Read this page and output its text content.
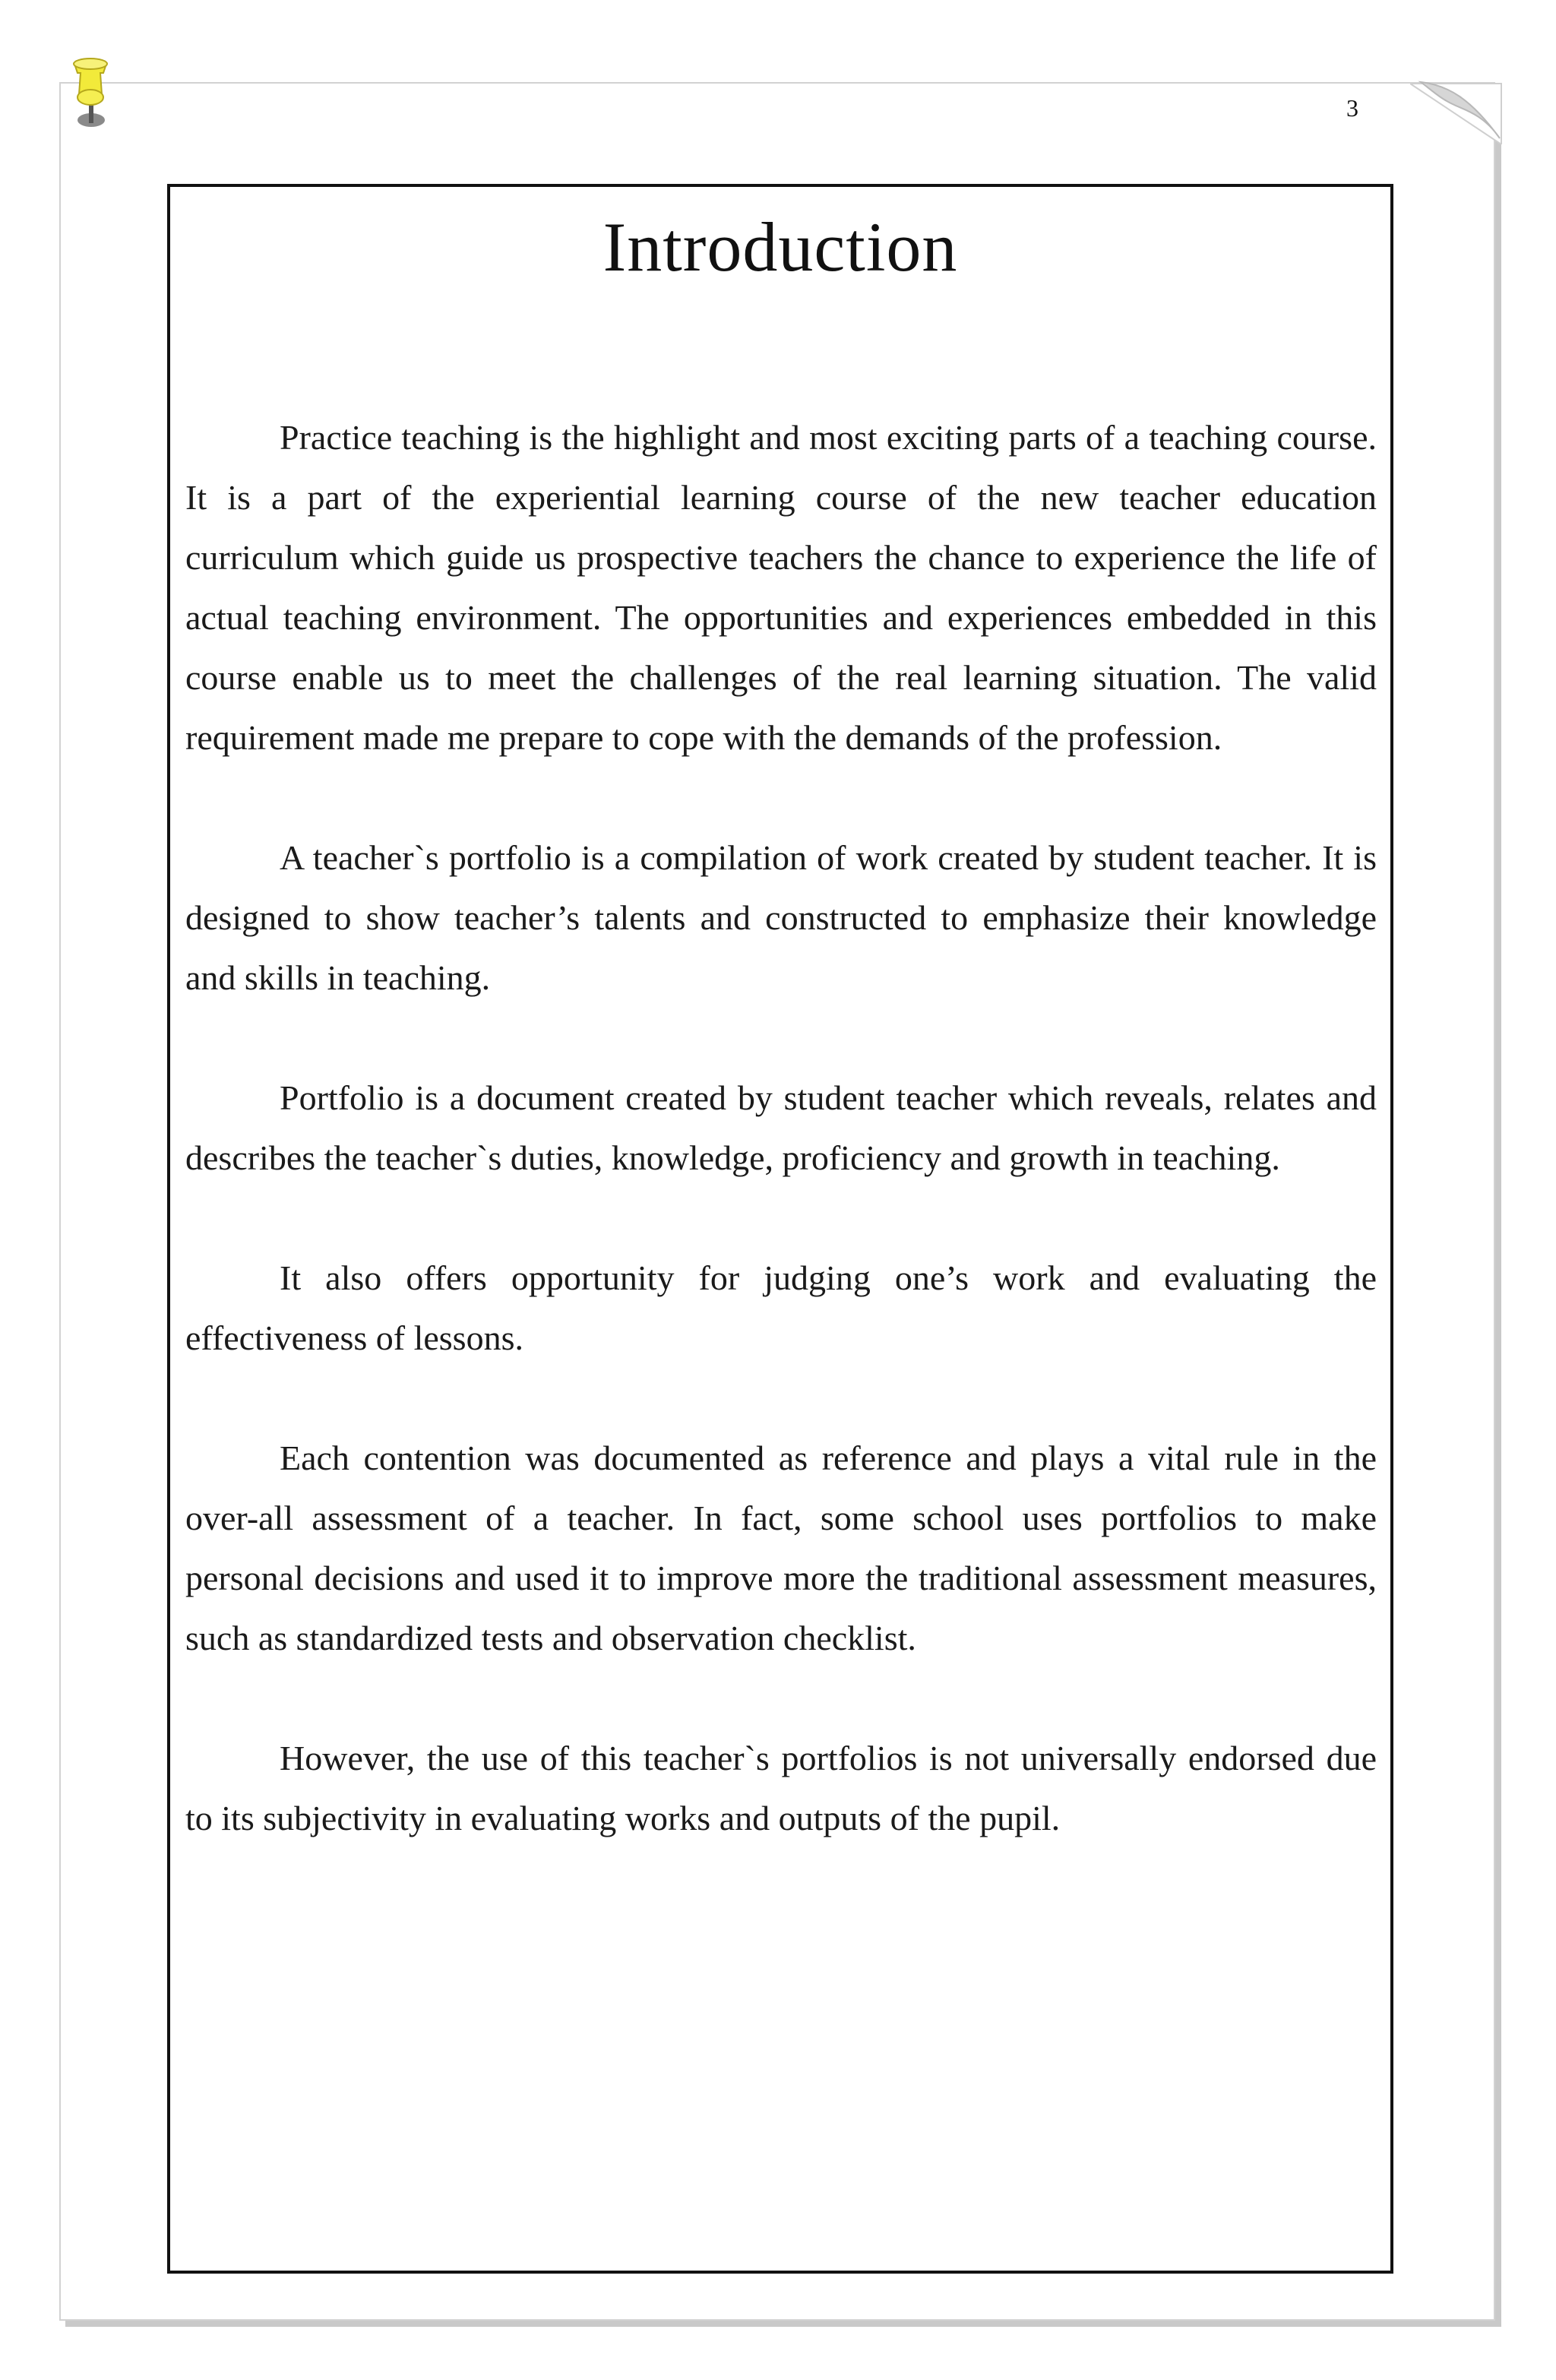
3
Introduction

Practice teaching is the highlight and most exciting parts of a teaching course. It is a part of the experiential learning course of the new teacher education curriculum which guide us prospective teachers the chance to experience the life of actual teaching environment. The opportunities and experiences embedded in this course enable us to meet the challenges of the real learning situation. The valid requirement made me prepare to cope with the demands of the profession.

A teacher`s portfolio is a compilation of work created by student teacher. It is designed to show teacher’s talents and constructed to emphasize their knowledge and skills in teaching.

Portfolio is a document created by student teacher which reveals, relates and describes the teacher`s duties, knowledge, proficiency and growth in teaching.

It also offers opportunity for judging one’s work and evaluating the effectiveness of lessons.

Each contention was documented as reference and plays a vital rule in the over-all assessment of a teacher. In fact, some school uses portfolios to make personal decisions and used it to improve more the traditional assessment measures, such as standardized tests and observation checklist.

However, the use of this teacher`s portfolios is not universally endorsed due to its subjectivity in evaluating works and outputs of the pupil.
